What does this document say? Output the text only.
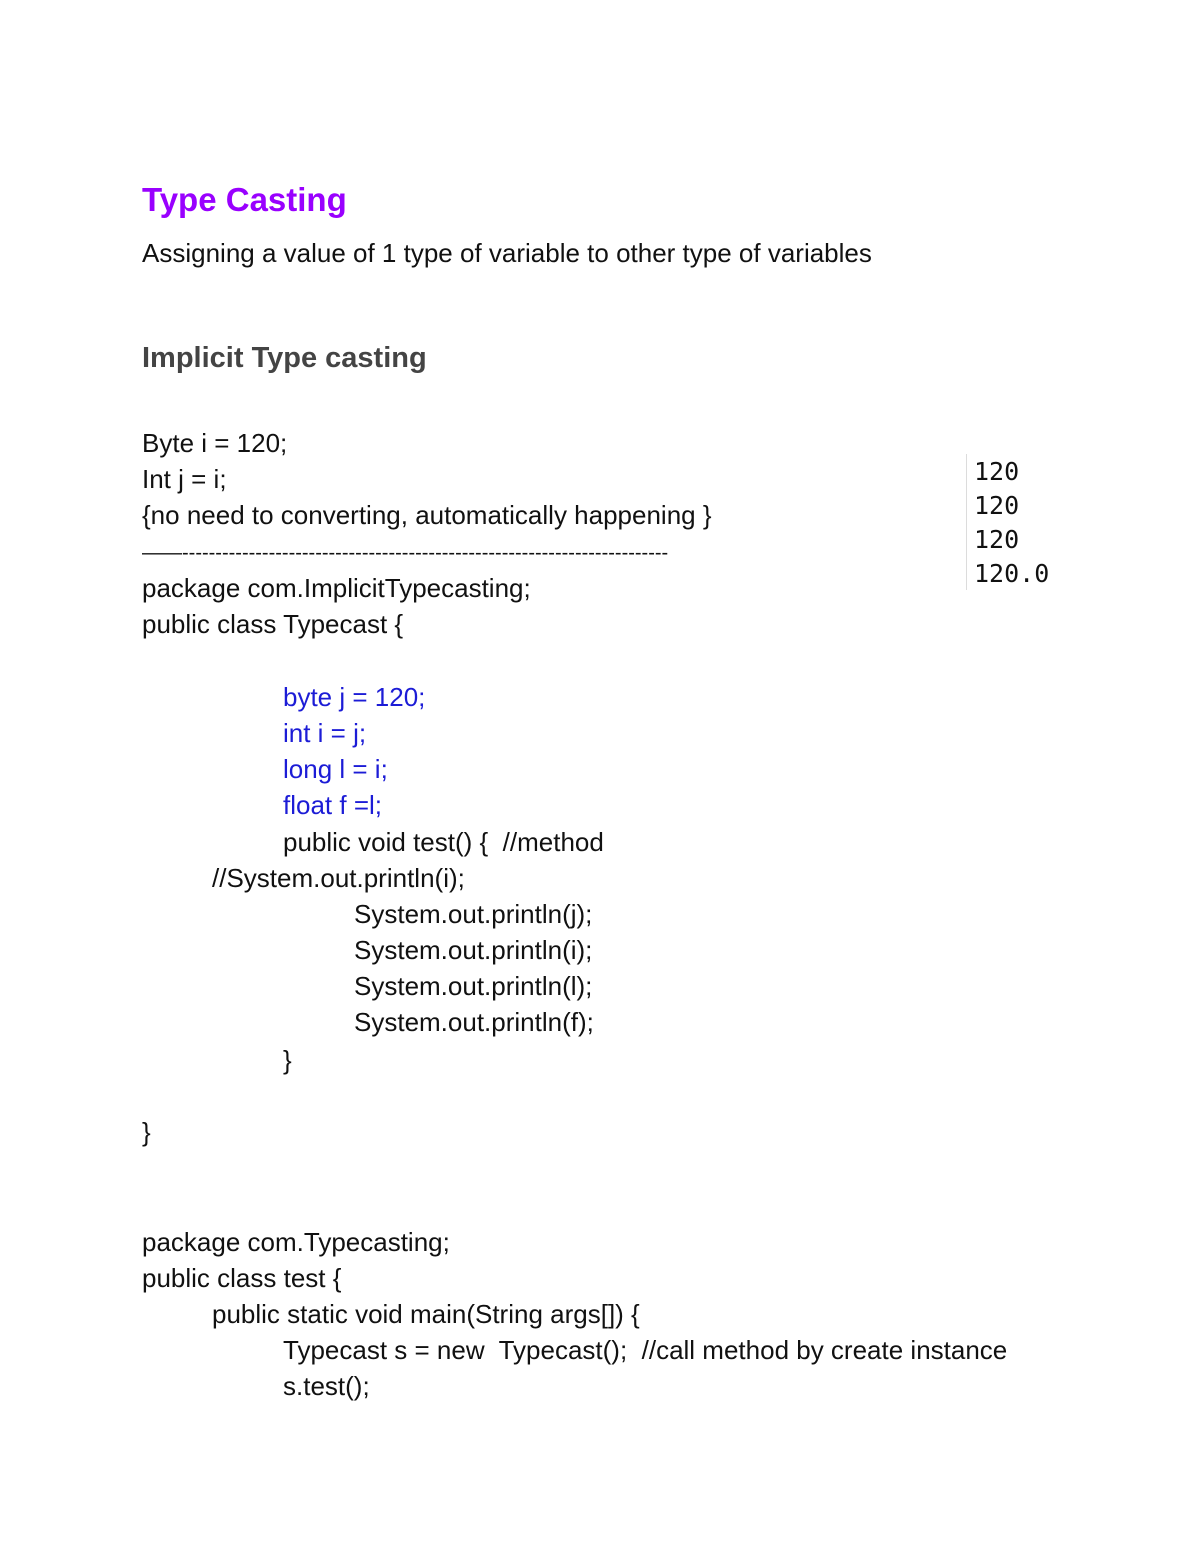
Type Casting
Assigning a value of 1 type of variable to other type of variables
Implicit Type casting
Byte i = 120;
Int j = i;
{no need to converting, automatically happening }
——-------------------------------------------------------------------------
package com.ImplicitTypecasting;
public class Typecast {
byte j = 120;
int i = j;
long l = i;
float f =l;
public void test() {  //method
//System.out.println(i);
System.out.println(j);
System.out.println(i);
System.out.println(l);
System.out.println(f);
}
}
package com.Typecasting;
public class test {
public static void main(String args[]) {
Typecast s = new  Typecast();  //call method by create instance
s.test();
120
120
120
120.0
